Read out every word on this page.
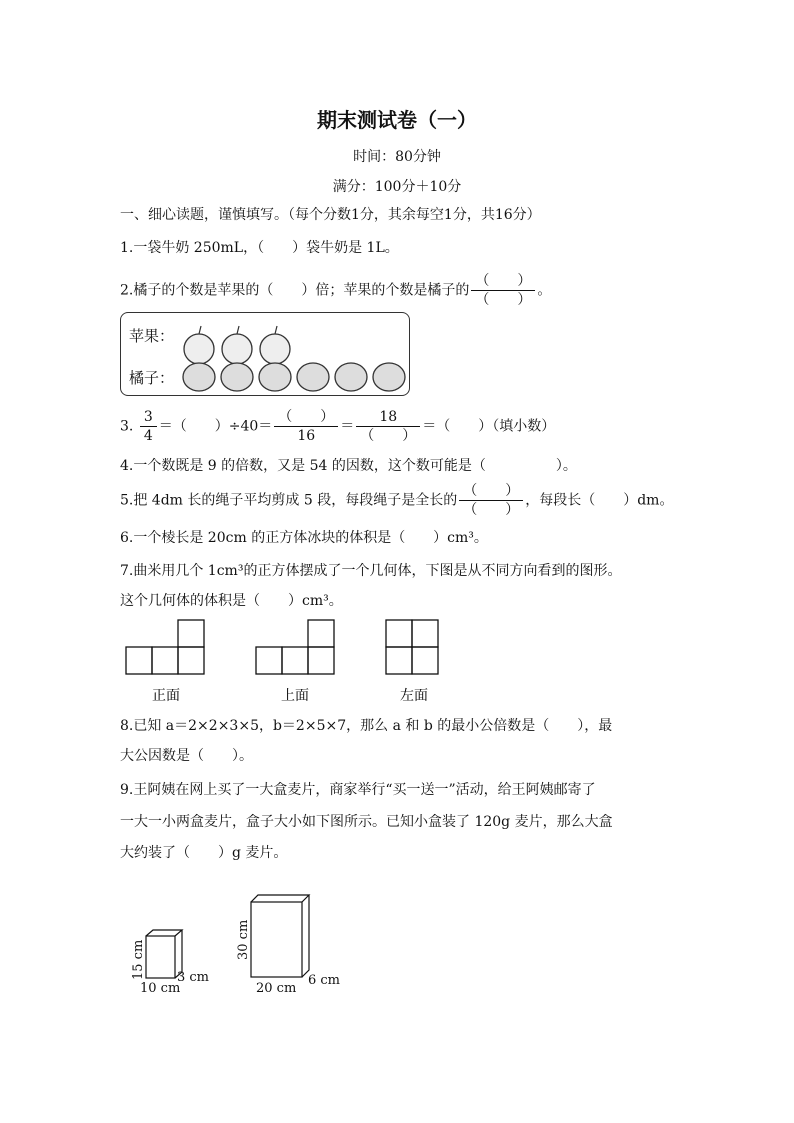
期末测试卷（一）
时间：80分钟
满分：100分＋10分
一、细心读题，谨慎填写。（每个分数1分，其余每空1分，共16分）
1.一袋牛奶 250mL，（　　）袋牛奶是 1L。
2.橘子的个数是苹果的（　　）倍；苹果的个数是橘子的 $\frac{( )}{( )}$ 。
苹果：
橘子：
3. $\frac{3}{4}$ ＝（　　）$\div 40= \frac{( )}{16} = \frac{18}{( )}$ ＝（　　）（填小数）
4.一个数既是 9 的倍数，又是 54 的因数，这个数可能是（　　　　　）。
5.把 4dm 长的绳子平均剪成 5 段，每段绳子是全长的 $\frac{( )}{( )}$ ，每段长（　　）dm。
6.一个棱长是 20cm 的正方体冰块的体积是（　　）cm³。
7.曲米用几个 1cm³的正方体摆成了一个几何体，下图是从不同方向看到的图形。
这个几何体的体积是（　　）cm³。
正面	上面	左面
8.已知 a＝2×2×3×5，b＝2×5×7，那么 a 和 b 的最小公倍数是（　　），最
大公因数是（　　）。
9.王阿姨在网上买了一大盒麦片，商家举行“买一送一”活动，给王阿姨邮寄了
一大一小两盒麦片，盒子大小如下图所示。已知小盒装了 120g 麦片，那么大盒
大约装了（　　）g 麦片。
15 cm
10 cm
3 cm
30 cm
20 cm
6 cm
